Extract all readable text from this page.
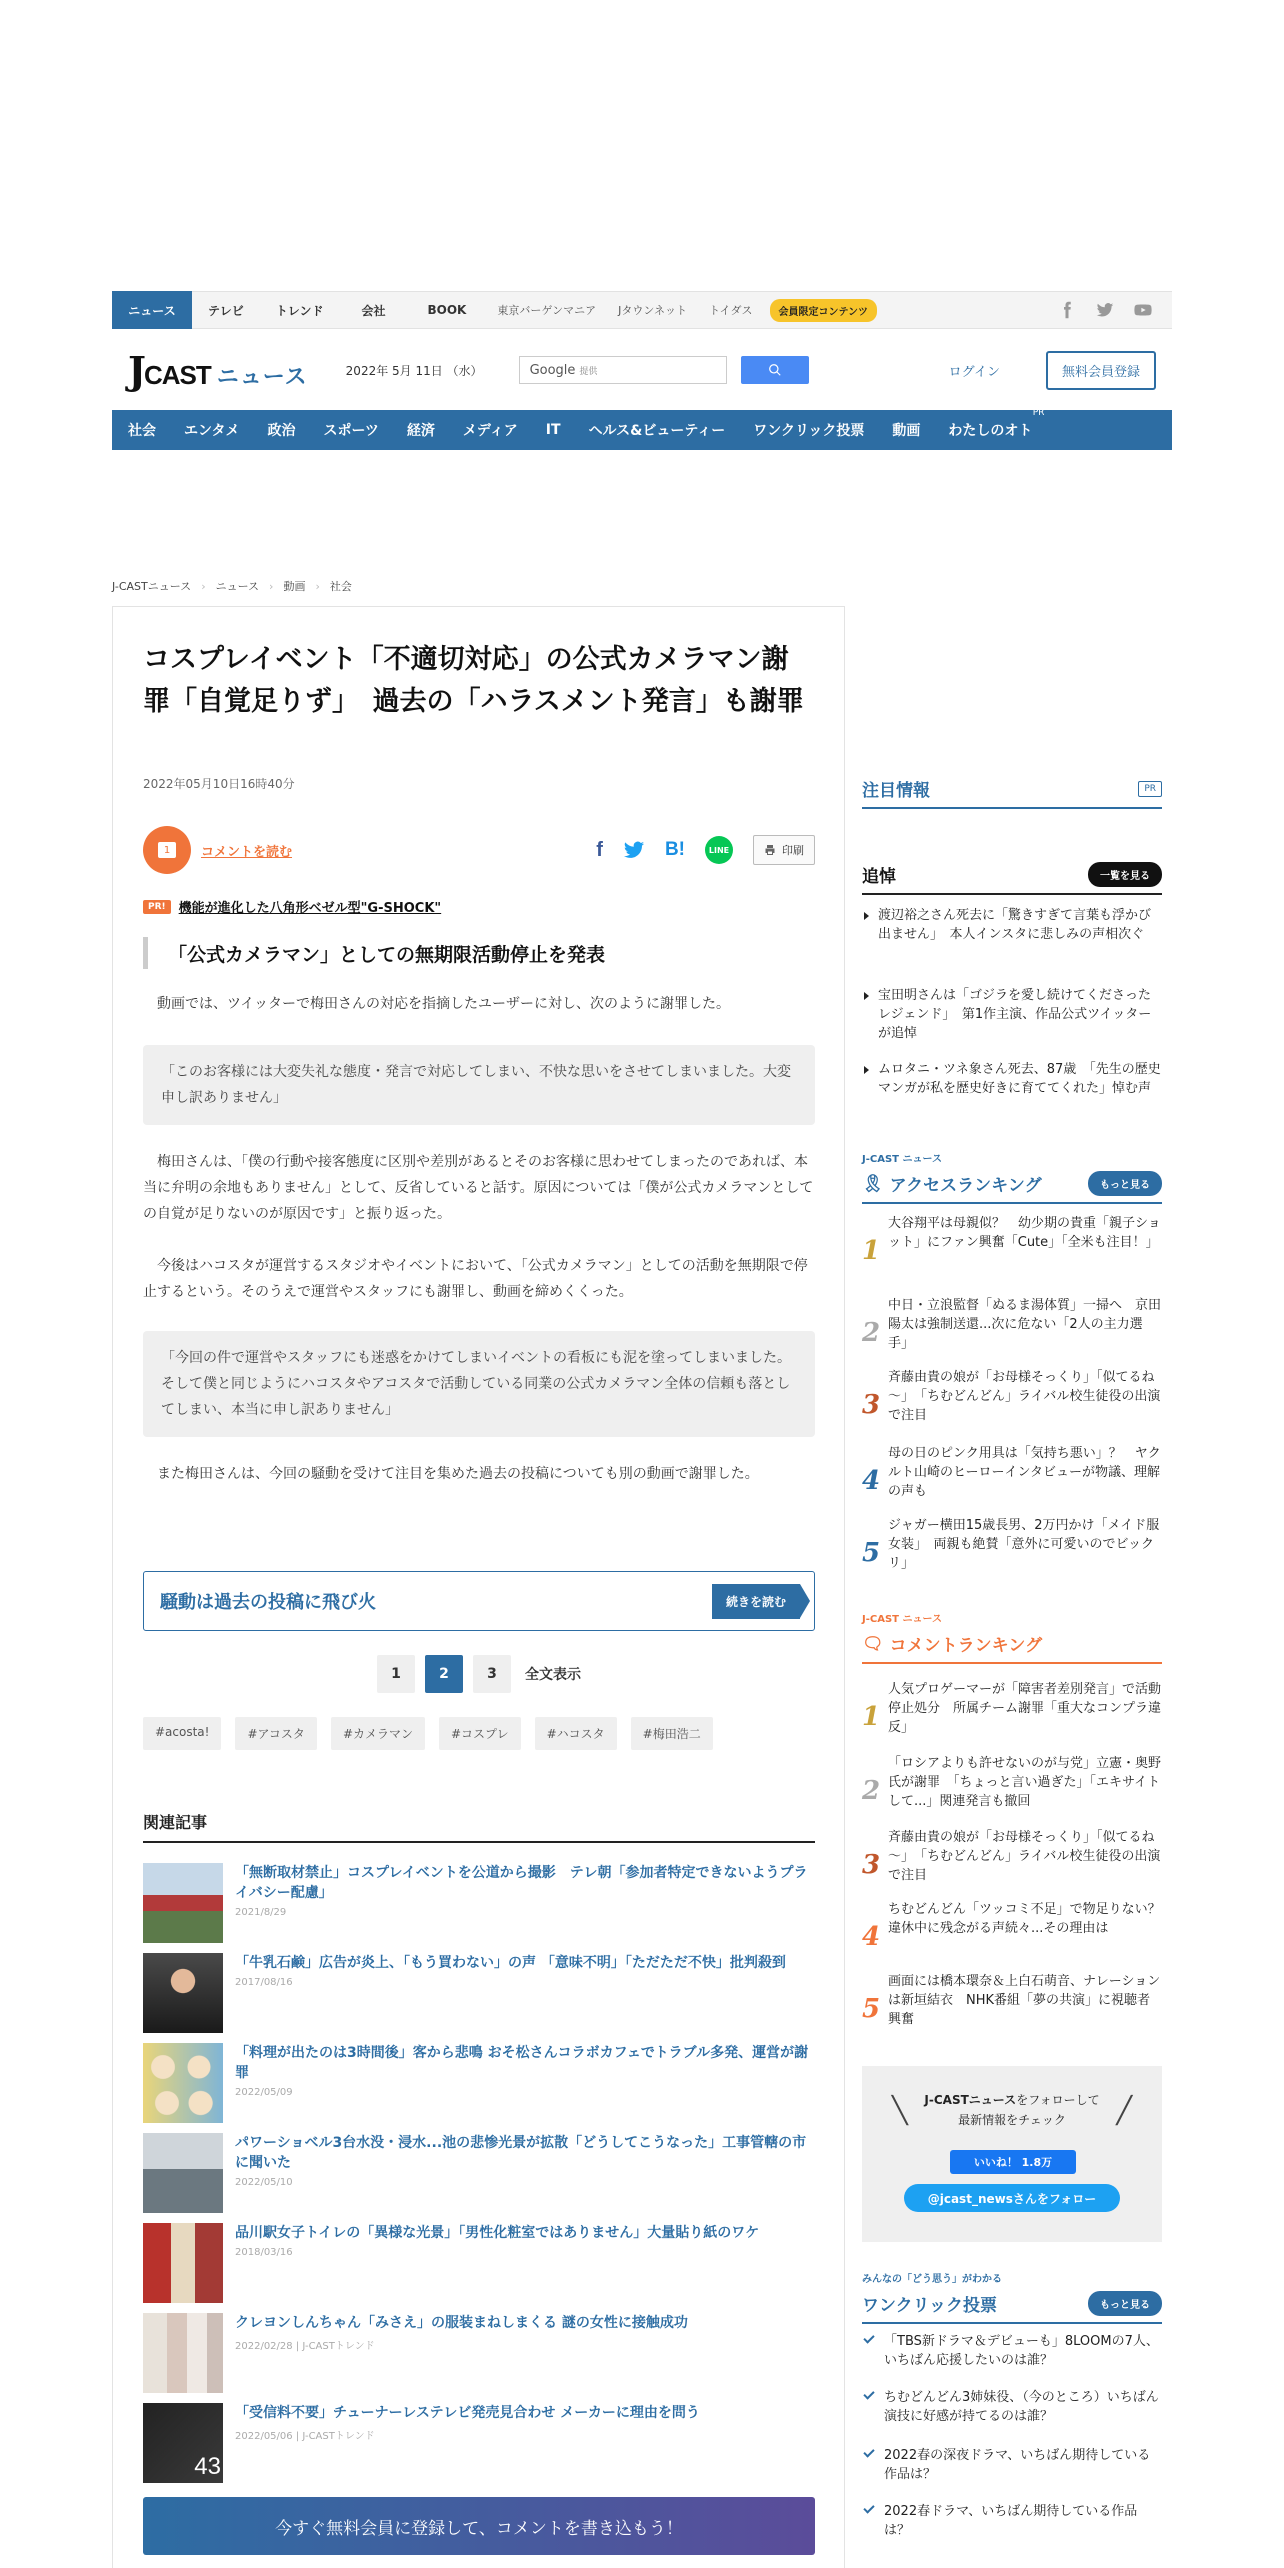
ニュース	テレビ	トレンド	会社	BOOK	東京バーゲンマニア	Jタウンネット	トイダス	会員限定コンテンツ
J CAST ニュース	2022年 5月 11日 （水）	Google 提供	ログイン	無料会員登録
社会	エンタメ	政治	スポーツ	経済	メディア	IT	ヘルス&ビューティー	ワンクリック投票	動画	わたしのオト
PR
J-CASTニュース › ニュース › 動画 › 社会
コスプレイベント「不適切対応」の公式カメラマン謝罪「自覚足りず」　過去の「ハラスメント発言」も謝罪
2022年05月10日16時40分
1	コメントを読む	f	B!	LINE	印刷
PR!	機能が進化した八角形ベゼル型"G-SHOCK"
「公式カメラマン」としての無期限活動停止を発表

動画では、ツイッターで梅田さんの対応を指摘したユーザーに対し、次のように謝罪した。

「このお客様には大変失礼な態度・発言で対応してしまい、不快な思いをさせてしまいました。大変申し訳ありません」

梅田さんは、「僕の行動や接客態度に区別や差別があるとそのお客様に思わせてしまったのであれば、本当に弁明の余地もありません」として、反省していると話す。原因については「僕が公式カメラマンとしての自覚が足りないのが原因です」と振り返った。

今後はハコスタが運営するスタジオやイベントにおいて、「公式カメラマン」としての活動を無期限で停止するという。そのうえで運営やスタッフにも謝罪し、動画を締めくくった。

「今回の件で運営やスタッフにも迷惑をかけてしまいイベントの看板にも泥を塗ってしまいました。そして僕と同じようにハコスタやアコスタで活動している同業の公式カメラマン全体の信頼も落としてしまい、本当に申し訳ありません」

また梅田さんは、今回の騒動を受けて注目を集めた過去の投稿についても別の動画で謝罪した。

騒動は過去の投稿に飛び火	続きを読む
1	2	3	全文表示
#acosta!	#アコスタ	#カメラマン	#コスプレ	#ハコスタ	#梅田浩二
関連記事
「無断取材禁止」コスプレイベントを公道から撮影　テレ朝「参加者特定できないようプライバシー配慮」
2021/8/29
「牛乳石鹸」広告が炎上、「もう買わない」の声 「意味不明」「ただただ不快」批判殺到
2017/08/16
「料理が出たのは3時間後」客から悲鳴 おそ松さんコラボカフェでトラブル多発、運営が謝罪
2022/05/09
パワーショベル3台水没・浸水...池の悲惨光景が拡散「どうしてこうなった」工事管轄の市に聞いた
2022/05/10
品川駅女子トイレの「異様な光景」「男性化粧室ではありません」大量貼り紙のワケ
2018/03/16
クレヨンしんちゃん「みさえ」の服装まねしまくる 謎の女性に接触成功
2022/02/28 | J-CASTトレンド
43
「受信料不要」チューナーレステレビ発売見合わせ メーカーに理由を問う
2022/05/06 | J-CASTトレンド
今すぐ無料会員に登録して、コメントを書き込もう！
注目情報	PR
追悼	一覧を見る
渡辺裕之さん死去に「驚きすぎて言葉も浮かび出ません」　本人インスタに悲しみの声相次ぐ
宝田明さんは「ゴジラを愛し続けてくださったレジェンド」　第1作主演、作品公式ツイッターが追悼
ムロタニ・ツネ象さん死去、87歳　「先生の歴史マンガが私を歴史好きに育ててくれた」悼む声
J-CAST ニュース
🎗 アクセスランキング	もっと見る
1
大谷翔平は母親似？　幼少期の貴重「親子ショット」にファン興奮「Cute」「全米も注目！」
2
中日・立浪監督「ぬるま湯体質」一掃へ　京田陽太は強制送還...次に危ない「2人の主力選手」
3
斉藤由貴の娘が「お母様そっくり」「似てるね～」　「ちむどんどん」ライバル校生徒役の出演で注目
4
母の日のピンク用具は「気持ち悪い」？　ヤクルト山崎のヒーローインタビューが物議、理解の声も
5
ジャガー横田15歳長男、2万円かけ「メイド服女装」　両親も絶賛「意外に可愛いのでビックリ」
J-CAST ニュース
🗨 コメントランキング
1
人気プロゲーマーが「障害者差別発言」で活動停止処分　所属チーム謝罪「重大なコンプラ違反」
2
「ロシアよりも許せないのが与党」立憲・奥野氏が謝罪　「ちょっと言い過ぎた」「エキサイトして...」関連発言も撤回
3
斉藤由貴の娘が「お母様そっくり」「似てるね～」　「ちむどんどん」ライバル校生徒役の出演で注目
4
ちむどんどん「ツッコミ不足」で物足りない？　違休中に残念がる声続々...その理由は
5
画面には橋本環奈＆上白石萌音、ナレーションは新垣結衣　NHK番組「夢の共演」に視聴者興奮
╲	╱
J-CASTニュースをフォローして
最新情報をチェック
いいね！ 1.8万
@jcast_newsさんをフォロー
みんなの「どう思う」がわかる
ワンクリック投票	もっと見る
「TBS新ドラマ＆デビューも」8LOOMの7人、いちばん応援したいのは誰？
ちむどんどん3姉妹役、（今のところ）いちばん演技に好感が持てるのは誰？
2022春の深夜ドラマ、いちばん期待している作品は？
2022春ドラマ、いちばん期待している作品は？
